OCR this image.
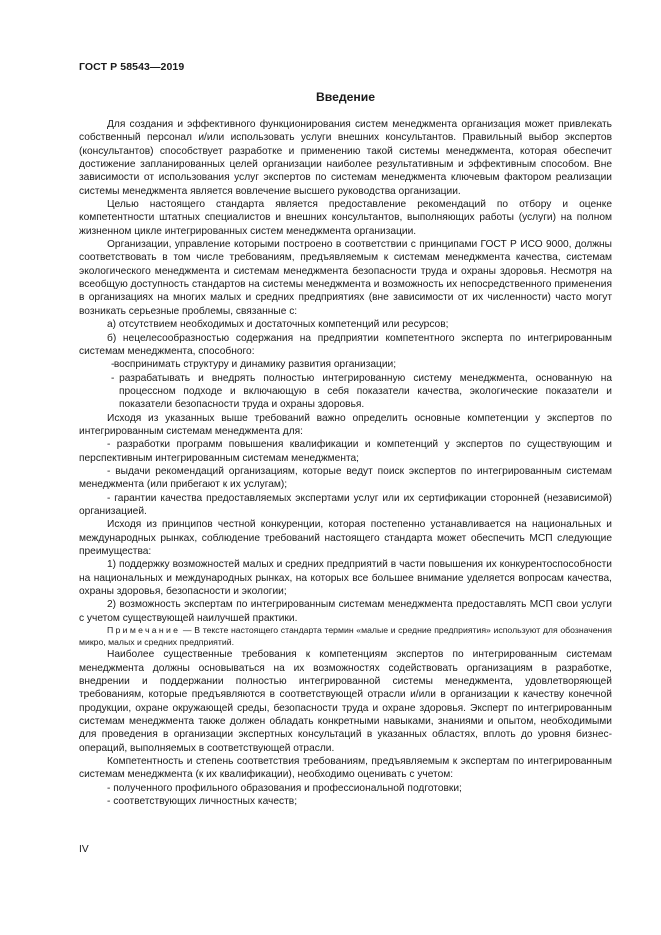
ГОСТ Р 58543—2019
Введение

Для создания и эффективного функционирования систем менеджмента организация может привлекать собственный персонал и/или использовать услуги внешних консультантов. Правильный выбор экспертов (консультантов) способствует разработке и применению такой системы менеджмента, которая обеспечит достижение запланированных целей организации наиболее результативным и эффективным способом. Вне зависимости от использования услуг экспертов по системам менеджмента ключевым фактором реализации системы менеджмента является вовлечение высшего руководства организации.

Целью настоящего стандарта является предоставление рекомендаций по отбору и оценке компетентности штатных специалистов и внешних консультантов, выполняющих работы (услуги) на полном жизненном цикле интегрированных систем менеджмента организации.

Организации, управление которыми построено в соответствии с принципами ГОСТ Р ИСО 9000, должны соответствовать в том числе требованиям, предъявляемым к системам менеджмента качества, системам экологического менеджмента и системам менеджмента безопасности труда и охраны здоровья. Несмотря на всеобщую доступность стандартов на системы менеджмента и возможность их непосредственного применения в организациях на многих малых и средних предприятиях (вне зависимости от их численности) часто могут возникать серьезные проблемы, связанные с:

а) отсутствием необходимых и достаточных компетенций или ресурсов;

б) нецелесообразностью содержания на предприятии компетентного эксперта по интегрированным системам менеджмента, способного:

- воспринимать структуру и динамику развития организации;

- разрабатывать и внедрять полностью интегрированную систему менеджмента, основанную на процессном подходе и включающую в себя показатели качества, экологические показатели и показатели безопасности труда и охраны здоровья.

Исходя из указанных выше требований важно определить основные компетенции у экспертов по интегрированным системам менеджмента для:

- разработки программ повышения квалификации и компетенций у экспертов по существующим и перспективным интегрированным системам менеджмента;

- выдачи рекомендаций организациям, которые ведут поиск экспертов по интегрированным системам менеджмента (или прибегают к их услугам);

- гарантии качества предоставляемых экспертами услуг или их сертификации сторонней (независимой) организацией.

Исходя из принципов честной конкуренции, которая постепенно устанавливается на национальных и международных рынках, соблюдение требований настоящего стандарта может обеспечить МСП следующие преимущества:

1) поддержку возможностей малых и средних предприятий в части повышения их конкурентоспособности на национальных и международных рынках, на которых все большее внимание уделяется вопросам качества, охраны здоровья, безопасности и экологии;

2) возможность экспертам по интегрированным системам менеджмента предоставлять МСП свои услуги с учетом существующей наилучшей практики.

Примечание — В тексте настоящего стандарта термин «малые и средние предприятия» используют для обозначения микро, малых и средних предприятий.

Наиболее существенные требования к компетенциям экспертов по интегрированным системам менеджмента должны основываться на их возможностях содействовать организациям в разработке, внедрении и поддержании полностью интегрированной системы менеджмента, удовлетворяющей требованиям, которые предъявляются в соответствующей отрасли и/или в организации к качеству конечной продукции, охране окружающей среды, безопасности труда и охране здоровья. Эксперт по интегрированным системам менеджмента также должен обладать конкретными навыками, знаниями и опытом, необходимыми для проведения в организации экспертных консультаций в указанных областях, вплоть до уровня бизнес-операций, выполняемых в соответствующей отрасли.

Компетентность и степень соответствия требованиям, предъявляемым к экспертам по интегрированным системам менеджмента (к их квалификации), необходимо оценивать с учетом:

- полученного профильного образования и профессиональной подготовки;

- соответствующих личностных качеств;

IV
